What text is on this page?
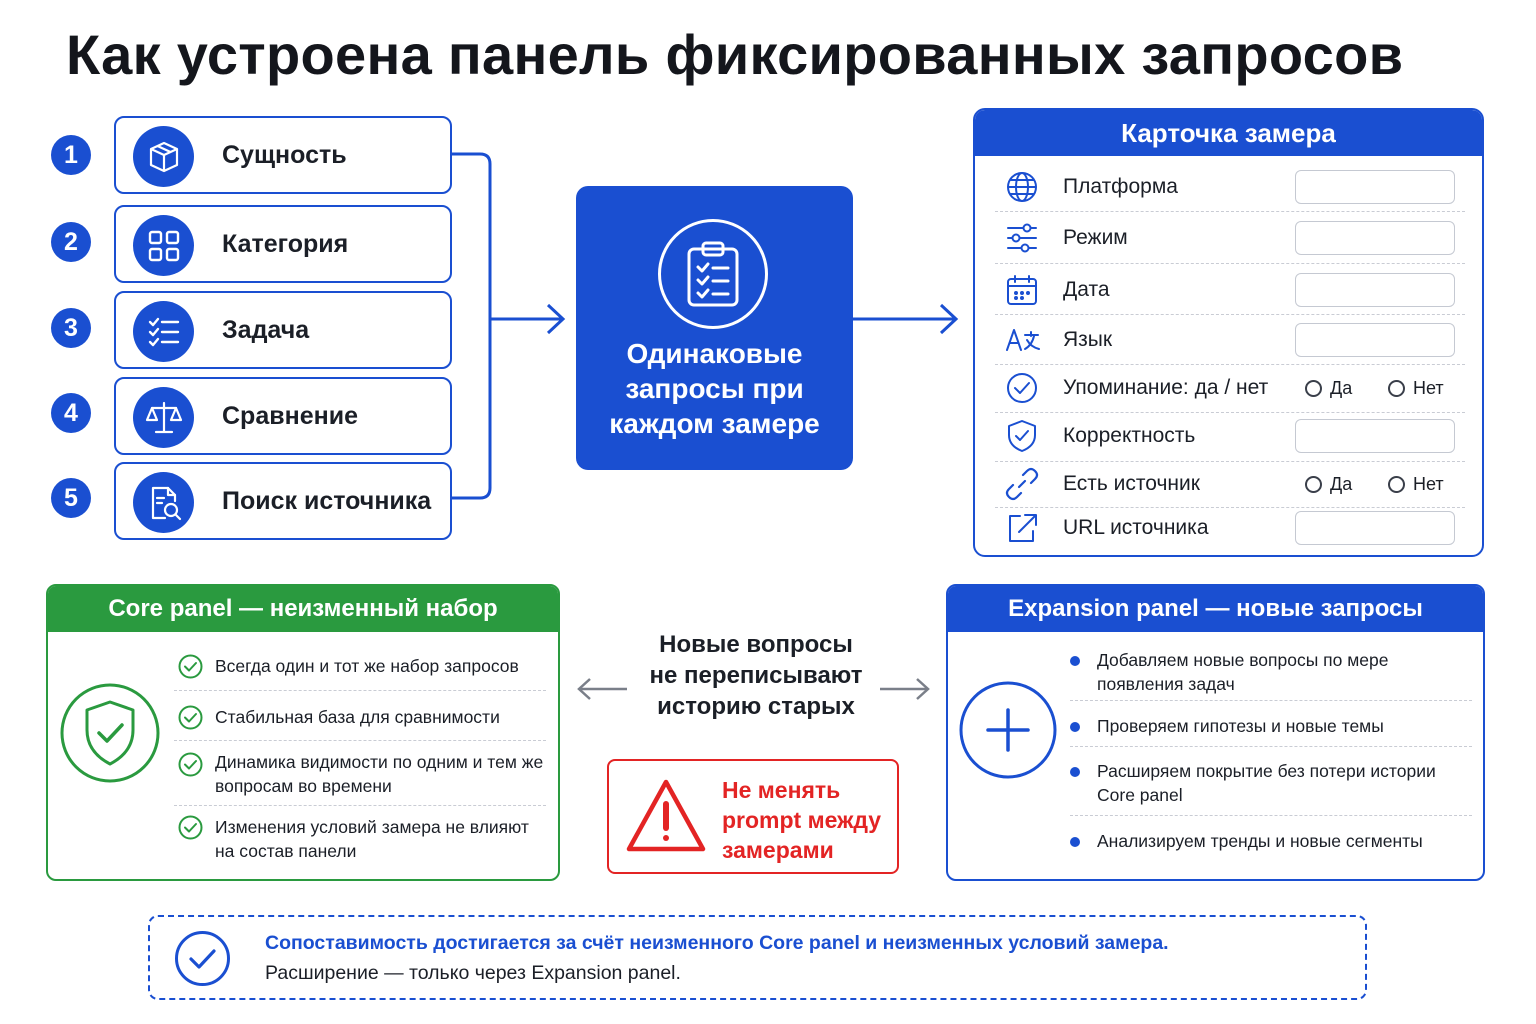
Как устроена панель фиксированных запросов
1	Сущность
2	Категория
3	Задача
4	Сравнение
5	Поиск источника
Одинаковые
запросы при
каждом замере
Карточка замера
Платформа
Режим
Дата
Язык
Упоминание: да / нет	Да	Нет
Корректность
Есть источник	Да	Нет
URL источника
Core panel — неизменный набор
Всегда один и тот же набор запросов
Стабильная база для сравнимости
Динамика видимости по одним и тем же вопросам во времени
Изменения условий замера не влияют на состав панели
Новые вопросы
не переписывают
историю старых
Не менять
prompt между
замерами
Expansion panel — новые запросы
Добавляем новые вопросы по мере появления задач
Проверяем гипотезы и новые темы
Расширяем покрытие без потери истории Core panel
Анализируем тренды и новые сегменты
Сопоставимость достигается за счёт неизменного Core panel и неизменных условий замера.
Расширение — только через Expansion panel.
